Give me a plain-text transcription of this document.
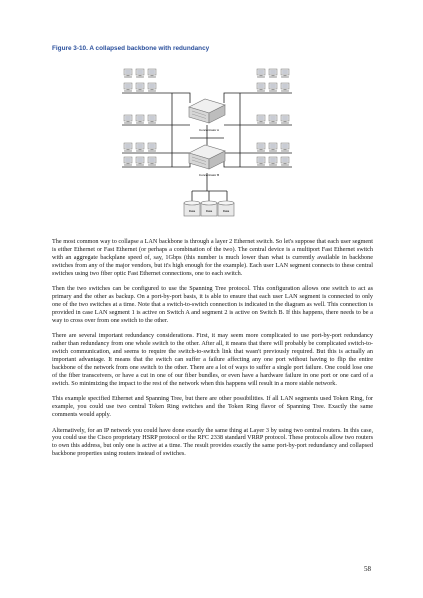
Figure 3-10. A collapsed backbone with redundancy
Concentrator A
Concentrator B
Data	Data	Data

The most common way to collapse a LAN backbone is through a layer 2 Ethernet switch. So let's suppose that each user segment is either Ethernet or Fast Ethernet (or perhaps a combination of the two). The central device is a multiport Fast Ethernet switch with an aggregate backplane speed of, say, 1Gbps (this number is much lower than what is currently available in backbone switches from any of the major vendors, but it's high enough for the example). Each user LAN segment connects to these central switches using two fiber optic Fast Ethernet connections, one to each switch.

Then the two switches can be configured to use the Spanning Tree protocol. This configuration allows one switch to act as primary and the other as backup. On a port-by-port basis, it is able to ensure that each user LAN segment is connected to only one of the two switches at a time. Note that a switch-to-switch connection is indicated in the diagram as well. This connection is provided in case LAN segment 1 is active on Switch A and segment 2 is active on Switch B. If this happens, there needs to be a way to cross over from one switch to the other.

There are several important redundancy considerations. First, it may seem more complicated to use port-by-port redundancy rather than redundancy from one whole switch to the other. After all, it means that there will probably be complicated switch-to-switch communication, and seems to require the switch-to-switch link that wasn't previously required. But this is actually an important advantage. It means that the switch can suffer a failure affecting any one port without having to flip the entire backbone of the network from one switch to the other. There are a lot of ways to suffer a single port failure. One could lose one of the fiber transceivers, or have a cut in one of our fiber bundles, or even have a hardware failure in one port or one card of a switch. So minimizing the impact to the rest of the network when this happens will result in a more stable network.

This example specified Ethernet and Spanning Tree, but there are other possibilities. If all LAN segments used Token Ring, for example, you could use two central Token Ring switches and the Token Ring flavor of Spanning Tree. Exactly the same comments would apply.

Alternatively, for an IP network you could have done exactly the same thing at Layer 3 by using two central routers. In this case, you could use the Cisco proprietary HSRP protocol or the RFC 2338 standard VRRP protocol. These protocols allow two routers to own this address, but only one is active at a time. The result provides exactly the same port-by-port redundancy and collapsed backbone properties using routers instead of switches.

58
